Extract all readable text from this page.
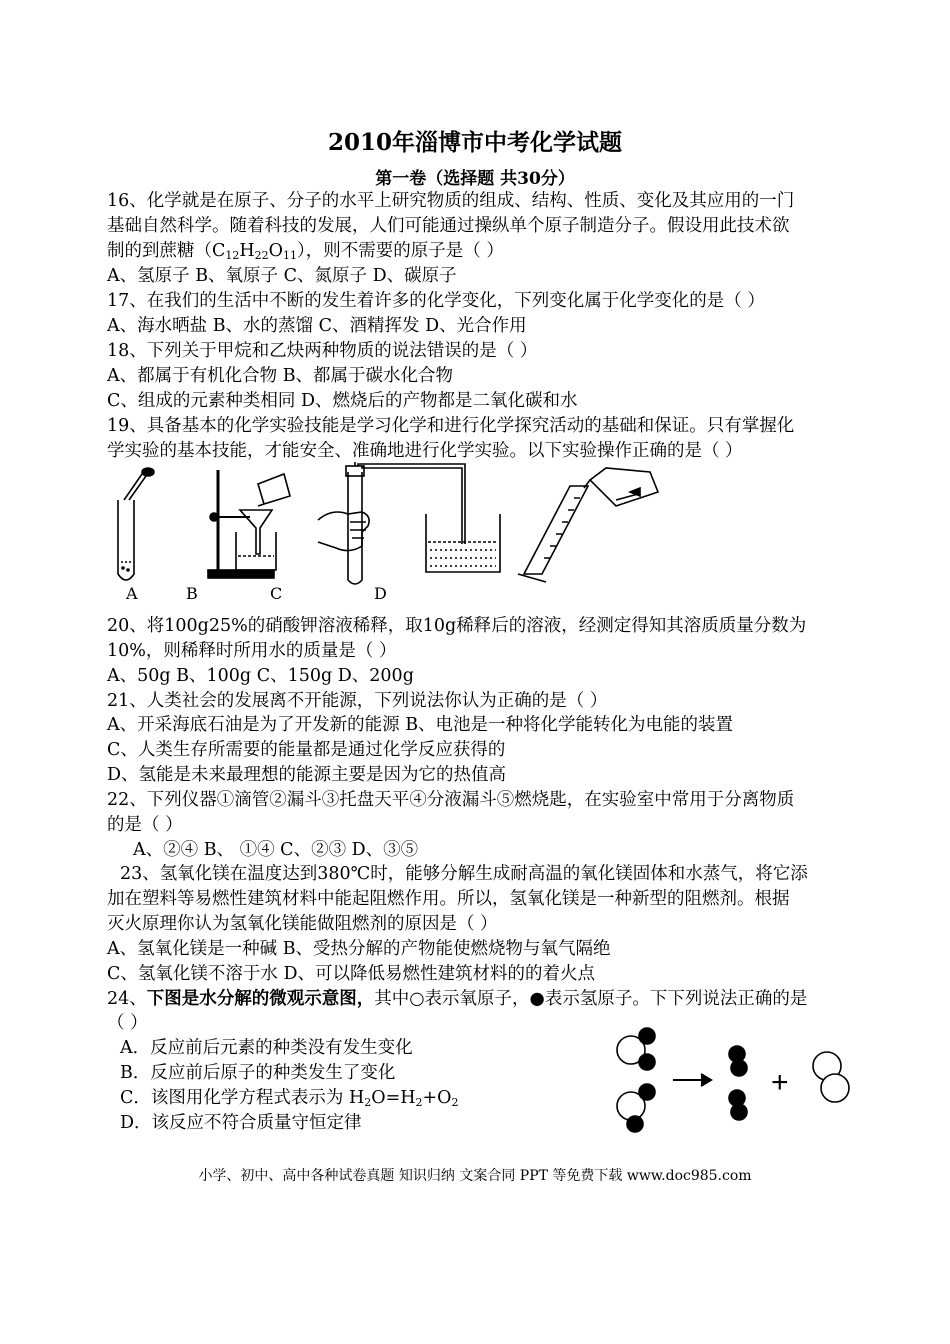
2010年淄博市中考化学试题
第一卷（选择题 共30分）
16、化学就是在原子、分子的水平上研究物质的组成、结构、性质、变化及其应用的一门
基础自然科学。随着科技的发展，人们可能通过操纵单个原子制造分子。假设用此技术欲
制的到蔗糖$(C_{12}H_{22}O_{11})$，则不需要的原子是（ ）
A、氢原子 B、氧原子 C、氮原子 D、碳原子
17、在我们的生活中不断的发生着许多的化学变化，下列变化属于化学变化的是（ ）
A、海水晒盐 B、水的蒸馏 C、酒精挥发 D、光合作用
18、下列关于甲烷和乙炔两种物质的说法错误的是（ ）
A、都属于有机化合物 B、都属于碳水化合物
C、组成的元素种类相同 D、燃烧后的产物都是二氧化碳和水
19、具备基本的化学实验技能是学习化学和进行化学探究活动的基础和保证。只有掌握化
学实验的基本技能，才能安全、准确地进行化学实验。以下实验操作正确的是（ ）
A	B	C	D
20、将100g25%的硝酸钾溶液稀释，取10g稀释后的溶液，经测定得知其溶质质量分数为
10%，则稀释时所用水的质量是（ ）
A、50g B、100g C、150g D、200g
21、人类社会的发展离不开能源，下列说法你认为正确的是（ ）
A、开采海底石油是为了开发新的能源 B、电池是一种将化学能转化为电能的装置
C、人类生存所需要的能量都是通过化学反应获得的
D、氢能是未来最理想的能源主要是因为它的热值高
22、下列仪器①滴管②漏斗③托盘天平④分液漏斗⑤燃烧匙，在实验室中常用于分离物质
的是（ ）
A、②④ B、 ①④ C、②③ D、③⑤
23、氢氧化镁在温度达到380℃时，能够分解生成耐高温的氧化镁固体和水蒸气，将它添
加在塑料等易燃性建筑材料中能起阻燃作用。所以，氢氧化镁是一种新型的阻燃剂。根据
灭火原理你认为氢氧化镁能做阻燃剂的原因是（ ）
A、氢氧化镁是一种碱 B、受热分解的产物能使燃烧物与氧气隔绝
C、氢氧化镁不溶于水 D、可以降低易燃性建筑材料的的着火点
24、下图是水分解的微观示意图，其中○表示氧原子，●表示氢原子。下下列说法正确的是
（ ）
A．反应前后元素的种类没有发生变化
B．反应前后原子的种类发生了变化
C．该图用化学方程式表示为 $H_2O=H_2+O_2$
D．该反应不符合质量守恒定律
+
小学、初中、高中各种试卷真题 知识归纳 文案合同 PPT 等免费下载 www.doc985.com
